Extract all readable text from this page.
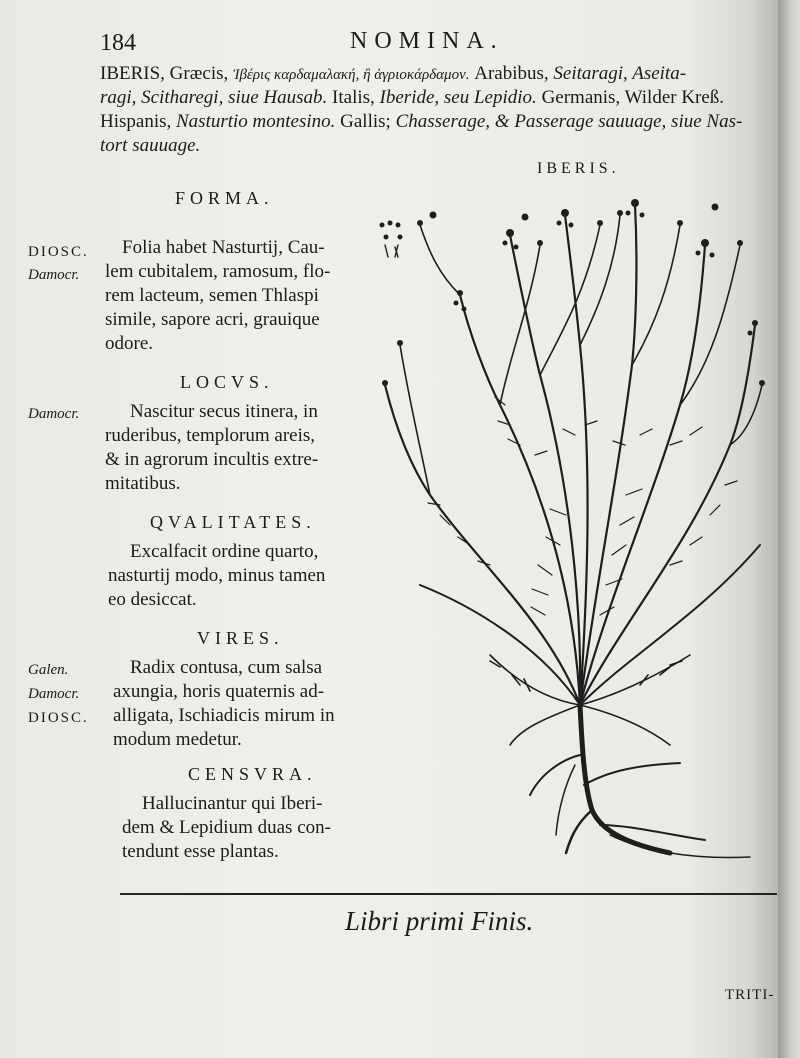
184	NOMINA.
IBERIS, Græcis, Ἰβέρις καρδαμαλακή, ἢ ἀγριοκάρδαμον. Arabibus, Seitaragi, Aseita-
ragi, Scitharegi, siue Hausab. Italis, Iberide, seu Lepidio. Germanis, Wilder Kreß.
Hispanis, Nasturtio montesino. Gallis; Chasserage, & Passerage sauuage, siue Nas-
tort sauuage.
IBERIS.
FORMA.
DIOSC.
Damocr.
Folia habet Nasturtij, Cau-
lem cubitalem, ramosum, flo-
rem lacteum, semen Thlaspi
simile, sapore acri, grauique
odore.
LOCVS.
Damocr.	Nascitur secus itinera, in
ruderibus, templorum areis,
& in agrorum incultis extre-
mitatibus.
QVALITATES.
Excalfacit ordine quarto,
nasturtij modo, minus tamen
eo desiccat.
VIRES.
Galen.
Damocr.
DIOSC.
Radix contusa, cum salsa
axungia, horis quaternis ad-
alligata, Ischiadicis mirum in
modum medetur.
CENSVRA.
Hallucinantur qui Iberi-
dem & Lepidium duas con-
tendunt esse plantas.
Libri primi Finis.
TRITI-
